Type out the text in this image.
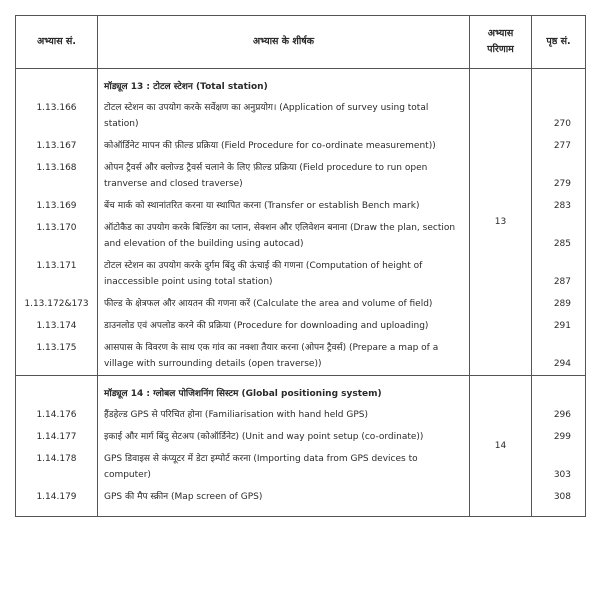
अभ्यास सं.	अभ्यास के शीर्षक	अभ्यास
परिणाम	पृष्ठ सं.
	मॉड्यूल 13 : टोटल स्टेशन (Total station)	13	
1.13.166	टोटल स्टेशन का उपयोग करके सर्वेक्षण का अनुप्रयोग। (Application of survey using total station)		270
1.13.167	कोऑर्डिनेट मापन की फ़ील्ड प्रक्रिया (Field Procedure for co-ordinate measurement))		277
1.13.168	ओपन ट्रैवर्स और क्लोज्ड ट्रैवर्स चलाने के लिए फ़ील्ड प्रक्रिया (Field procedure to run open tranverse and closed traverse)		279
1.13.169	बेंच मार्क को स्थानांतरित करना या स्थापित करना (Transfer or establish Bench mark)		283
1.13.170	ऑटोकैड का उपयोग करके बिल्डिंग का प्लान, सेक्शन और एलिवेशन बनाना (Draw the plan, section and elevation of the building using autocad)		285
1.13.171	टोटल स्टेशन का उपयोग करके दुर्गम बिंदु की ऊंचाई की गणना (Computation of height of inaccessible point using total station)		287
1.13.172&173	फील्ड के क्षेत्रफल और आयतन की गणना करें (Calculate the area and volume of field)		289
1.13.174	डाउनलोड एवं अपलोड करने की प्रक्रिया (Procedure for downloading and uploading)		291
1.13.175	आसपास के विवरण के साथ एक गांव का नक्शा तैयार करना (ओपन ट्रैवर्स) (Prepare a map of a village with surrounding details (open traverse))		294
	मॉड्यूल 14 : ग्लोबल पोजिशनिंग सिस्टम (Global positioning system)	14	
1.14.176	हैंडहेल्ड GPS से परिचित होना (Familiarisation with hand held GPS)		296
1.14.177	इकाई और मार्ग बिंदु सेटअप (कोऑर्डिनेट) (Unit and way point setup (co-ordinate))		299
1.14.178	GPS डिवाइस से कंप्यूटर में डेटा इम्पोर्ट करना (Importing data from GPS devices to computer)		303
1.14.179	GPS की मैप स्क्रीन (Map screen of GPS)		308
